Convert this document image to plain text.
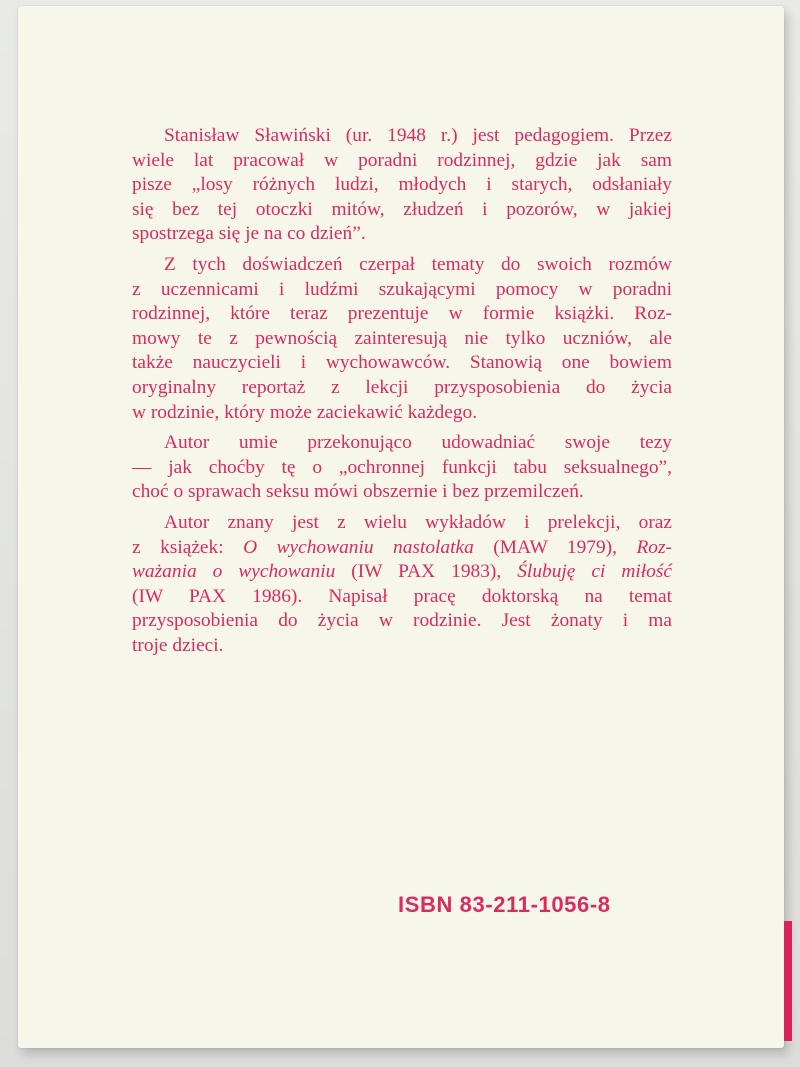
Stanisław Sławiński (ur. 1948 r.) jest pedagogiem. Przez
wiele lat pracował w poradni rodzinnej, gdzie jak sam
pisze „losy różnych ludzi, młodych i starych, odsłaniały
się bez tej otoczki mitów, złudzeń i pozorów, w jakiej
spostrzega się je na co dzień”.

Z tych doświadczeń czerpał tematy do swoich rozmów
z uczennicami i ludźmi szukającymi pomocy w poradni
rodzinnej, które teraz prezentuje w formie książki. Roz-
mowy te z pewnością zainteresują nie tylko uczniów, ale
także nauczycieli i wychowawców. Stanowią one bowiem
oryginalny reportaż z lekcji przysposobienia do życia
w rodzinie, który może zaciekawić każdego.

Autor umie przekonująco udowadniać swoje tezy
— jak choćby tę o „ochronnej funkcji tabu seksualnego”,
choć o sprawach seksu mówi obszernie i bez przemilczeń.

Autor znany jest z wielu wykładów i prelekcji, oraz
z książek: O wychowaniu nastolatka (MAW 1979), Roz-
ważania o wychowaniu (IW PAX 1983), Ślubuję ci miłość
(IW PAX 1986). Napisał pracę doktorską na temat
przysposobienia do życia w rodzinie. Jest żonaty i ma
troje dzieci.

ISBN 83-211-1056-8
